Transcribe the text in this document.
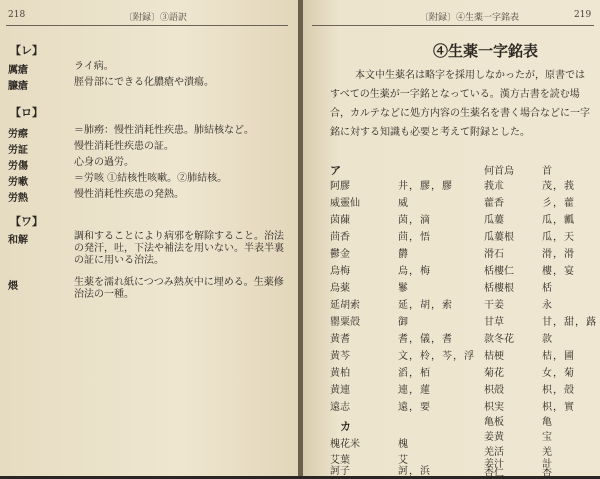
218	〔附録〕③語訳
【レ】
厲瘡	ライ病。
臁瘡	脛骨部にできる化膿瘡や潰瘍。
【ロ】
労瘵	＝肺癆：慢性消耗性疾患。肺結核など。
労証	慢性消耗性疾患の証。
労傷	心身の過労。
労嗽	＝労咳 ①結核性咳嗽。②肺結核。
労熱	慢性消耗性疾患の発熱。
【ワ】
和解	調和することにより病邪を解除すること。治法の発汗，吐，下法や補法を用いない。半表半裏の証に用いる治法。
煨	生薬を濡れ紙につつみ熱灰中に埋める。生薬修治法の一種。
〔附録〕④生薬一字銘表	219
④生薬一字銘表
本文中生薬名は略字を採用しなかったが，原書ではすべての生薬が一字銘となっている。漢方古書を読む場合，カルテなどに処方内容の生薬名を書く場合などに一字銘に対する知識も必要と考えて附録とした。
ア
阿膠	井，膠，膠
威靈仙	威
茵蔯	茵，滴
茴香	茴，悟
鬱金	欝
烏梅	烏，梅
烏薬	鬖
延胡索	延，胡，索
罌粟殻	御
黄耆	耆，儀，耆
黄芩	文，柃，芩，浮
黄柏	滔，栢
黄連	連，蓮
遠志	遠，要
カ
槐花米	槐
艾葉	艾
訶子	訶，浜
何首烏	首
莪朮	茂，莪
藿香	彡，藿
瓜蔞	瓜，瓤
瓜蔞根	瓜，天
滑石	滑，滑
栝樓仁	樓，宴
栝樓根	栝
干姜	永
甘草	甘，甜，蕗
款冬花	款
桔梗	桔，圃
菊花	女，菊
枳殻	枳，殻
枳実	枳，實
亀板	亀
姜黄	宝
羌活	羌
姜汁	計
杏仁	杏
